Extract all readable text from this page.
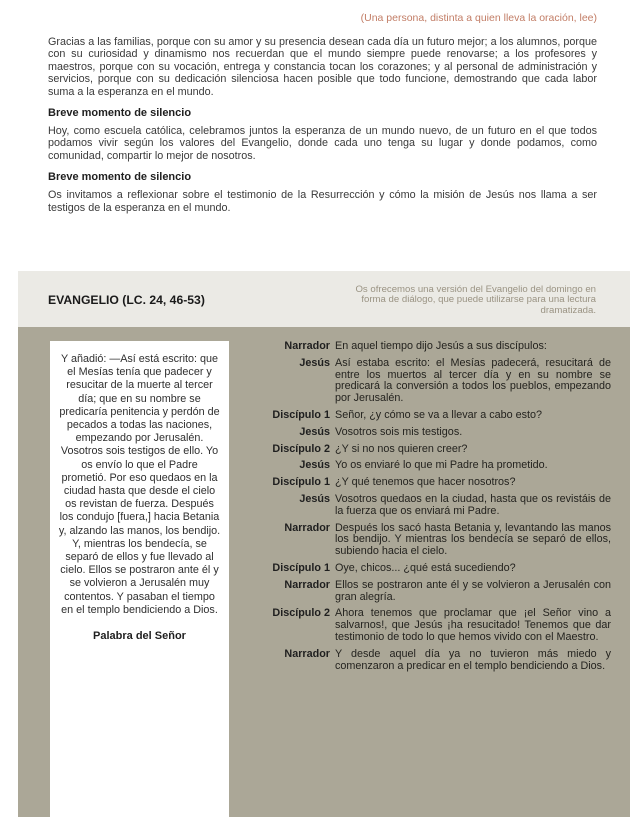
(Una persona, distinta a quien lleva la oración, lee)

Gracias a las familias, porque con su amor y su presencia desean cada día un futuro mejor; a los alumnos, porque con su curiosidad y dinamismo nos recuerdan que el mundo siempre puede renovarse; a los profesores y maestros, porque con su vocación, entrega y constancia tocan los corazones; y al personal de administración y servicios, porque con su dedicación silenciosa hacen posible que todo funcione, demostrando que cada labor suma a la esperanza en el mundo.

Breve momento de silencio

Hoy, como escuela católica, celebramos juntos la esperanza de un mundo nuevo, de un futuro en el que todos podamos vivir según los valores del Evangelio, donde cada uno tenga su lugar y donde podamos, como comunidad, compartir lo mejor de nosotros.

Breve momento de silencio

Os invitamos a reflexionar sobre el testimonio de la Resurrección y cómo la misión de Jesús nos llama a ser testigos de la esperanza en el mundo.

EVANGELIO (LC. 24, 46-53)
Os ofrecemos una versión del Evangelio del domingo en forma de diálogo, que puede utilizarse para una lectura dramatizada.

Y añadió: —Así está escrito: que el Mesías tenía que padecer y resucitar de la muerte al tercer día; que en su nombre se predicaría penitencia y perdón de pecados a todas las naciones, empezando por Jerusalén. Vosotros sois testigos de ello. Yo os envío lo que el Padre prometió. Por eso quedaos en la ciudad hasta que desde el cielo os revistan de fuerza. Después los condujo [fuera,] hacia Betania y, alzando las manos, los bendijo. Y, mientras los bendecía, se separó de ellos y fue llevado al cielo. Ellos se postraron ante él y se volvieron a Jerusalén muy contentos. Y pasaban el tiempo en el templo bendiciendo a Dios.

Palabra del Señor
Narrador En aquel tiempo dijo Jesús a sus discípulos:
Jesús Así estaba escrito: el Mesías padecerá, resucitará de entre los muertos al tercer día y en su nombre se predicará la conversión a todos los pueblos, empezando por Jerusalén.
Discípulo 1 Señor, ¿y cómo se va a llevar a cabo esto?
Jesús Vosotros sois mis testigos.
Discípulo 2 ¿Y si no nos quieren creer?
Jesús Yo os enviaré lo que mi Padre ha prometido.
Discípulo 1 ¿Y qué tenemos que hacer nosotros?
Jesús Vosotros quedaos en la ciudad, hasta que os revistáis de la fuerza que os enviará mi Padre.
Narrador Después los sacó hasta Betania y, levantando las manos los bendijo. Y mientras los bendecía se separó de ellos, subiendo hacia el cielo.
Discípulo 1 Oye, chicos... ¿qué está sucediendo?
Narrador Ellos se postraron ante él y se volvieron a Jerusalén con gran alegría.
Discípulo 2 Ahora tenemos que proclamar que ¡el Señor vino a salvarnos!, que Jesús ¡ha resucitado! Tenemos que dar testimonio de todo lo que hemos vivido con el Maestro.
Narrador Y desde aquel día ya no tuvieron más miedo y comenzaron a predicar en el templo bendiciendo a Dios.
